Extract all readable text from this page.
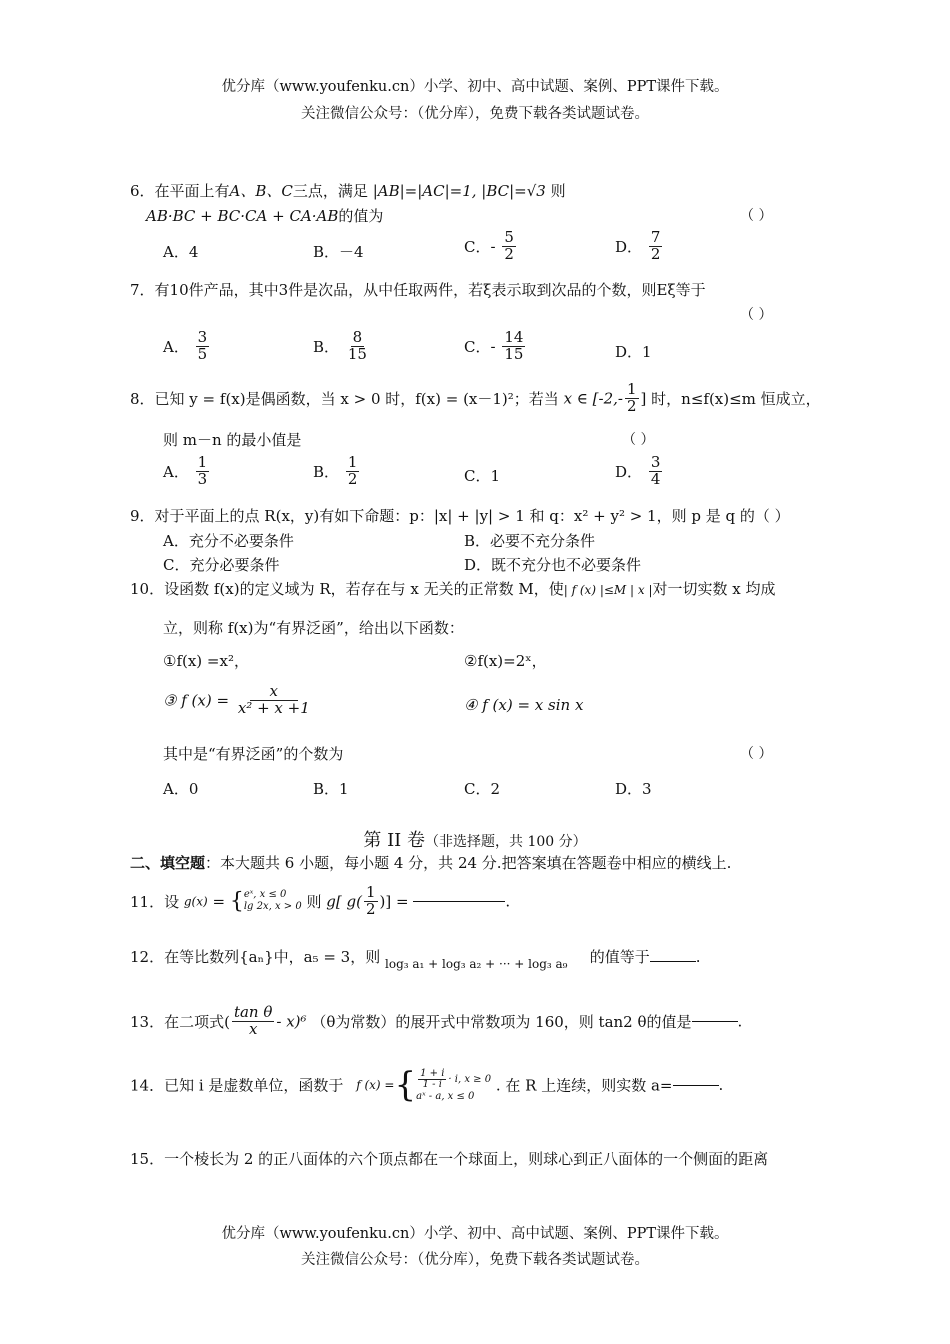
优分库（www.youfenku.cn）小学、初中、高中试题、案例、PPT课件下载。
关注微信公众号：（优分库），免费下载各类试题试卷。
6．在平面上有A、B、C三点，满足 |AB|=|AC|=1, |BC|=√3 则
AB·BC + BC·CA + CA·AB的值为	（ ）
A．4	B．－4	C．- $\frac{5}{2}$	D． $\frac{7}{2}$
7．有10件产品，其中3件是次品，从中任取两件，若ξ表示取到次品的个数，则Eξ等于
（ ）
A． $\frac{3}{5}$	B． $\frac{8}{15}$	C．- $\frac{14}{15}$	D．1
8．已知 y = f(x)是偶函数，当 x > 0 时，f(x) = (x－1)²；若当 x ∈ [$-2,- \frac{1}{2}$ ] 时，n≤f(x)≤m 恒成立，
则 m－n 的最小值是	（ ）
A． $\frac{1}{3}$	B． $\frac{1}{2}$	C．1	D． $\frac{3}{4}$
9．对于平面上的点 R(x，y)有如下命题：p：|x| + |y| > 1 和 q：x² + y² > 1，则 p 是 q 的（ ）
A．充分不必要条件	B．必要不充分条件
C．充分必要条件	D．既不充分也不必要条件
10．设函数 f(x)的定义域为 R，若存在与 x 无关的正常数 M，使| f (x) |≤M | x |对一切实数 x 均成
立，则称 f(x)为“有界泛函”，给出以下函数：
①f(x) =x²，	②f(x)=2ˣ，
③ f $(x) = \frac{x}{\text{x² + x +1}}$	④ f (x) = x sin x
其中是“有界泛函”的个数为	（ ）
A．0	B．1	C．2	D．3
第 II 卷（非选择题，共 100 分）
二、填空题：本大题共 6 小题，每小题 4 分，共 24 分.把答案填在答题卷中相应的横线上.
11．设 g(x) = { eˣ, x ≤ 0
lg 2x, x > 0 则 g[ $g( \frac{1}{2}$ )] =	.
12．在等比数列{aₙ}中，a₅ = 3，则 log₃ a₁ + log₃ a₂ + ··· + log₃ a₉ 的值等于	.
13．在二项式( $\frac{\text{tan θ}}{x} - x)^6$ （θ为常数）的展开式中常数项为 160，则 tan2 θ的值是	.
14．已知 i 是虚数单位，函数于 f (x) = { $\frac{1 + i}{1 - i} \cdot i$, x ≥ 0
aˣ - a, x ≤ 0
. 在 R 上连续，则实数 a=	.
15．一个棱长为 2 的正八面体的六个顶点都在一个球面上，则球心到正八面体的一个侧面的距离
优分库（www.youfenku.cn）小学、初中、高中试题、案例、PPT课件下载。
关注微信公众号：（优分库），免费下载各类试题试卷。
